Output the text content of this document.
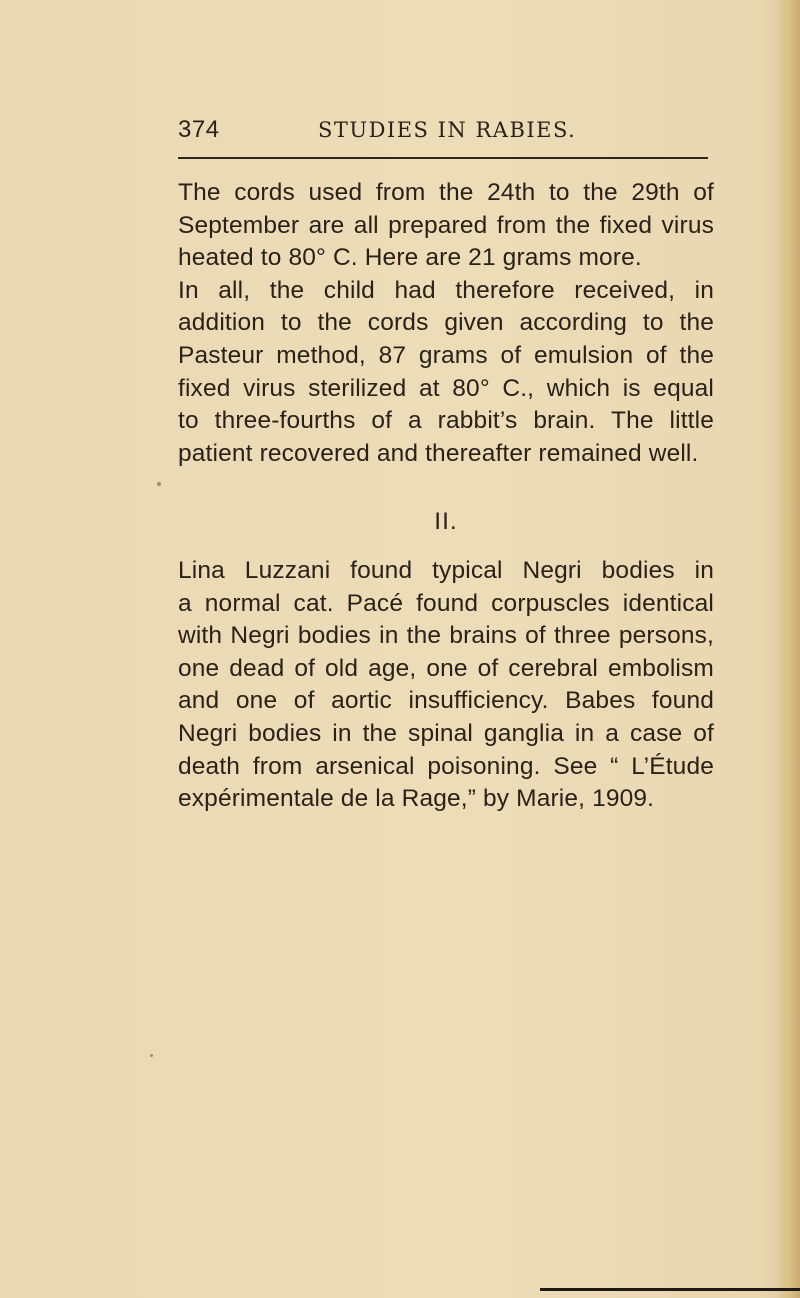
374	STUDIES IN RABIES.
The cords used from the 24th to the 29th of
September are all prepared from the fixed virus
heated to 80° C. Here are 21 grams more.
In all, the child had therefore received, in
addition to the cords given according to the
Pasteur method, 87 grams of emulsion of the
fixed virus sterilized at 80° C., which is equal
to three-fourths of a rabbit’s brain. The little
patient recovered and thereafter remained well.
II.
Lina Luzzani found typical Negri bodies in
a normal cat. Pacé found corpuscles identical
with Negri bodies in the brains of three persons,
one dead of old age, one of cerebral embolism
and one of aortic insufficiency. Babes found
Negri bodies in the spinal ganglia in a case of
death from arsenical poisoning. See “ L’Étude
expérimentale de la Rage,” by Marie, 1909.
